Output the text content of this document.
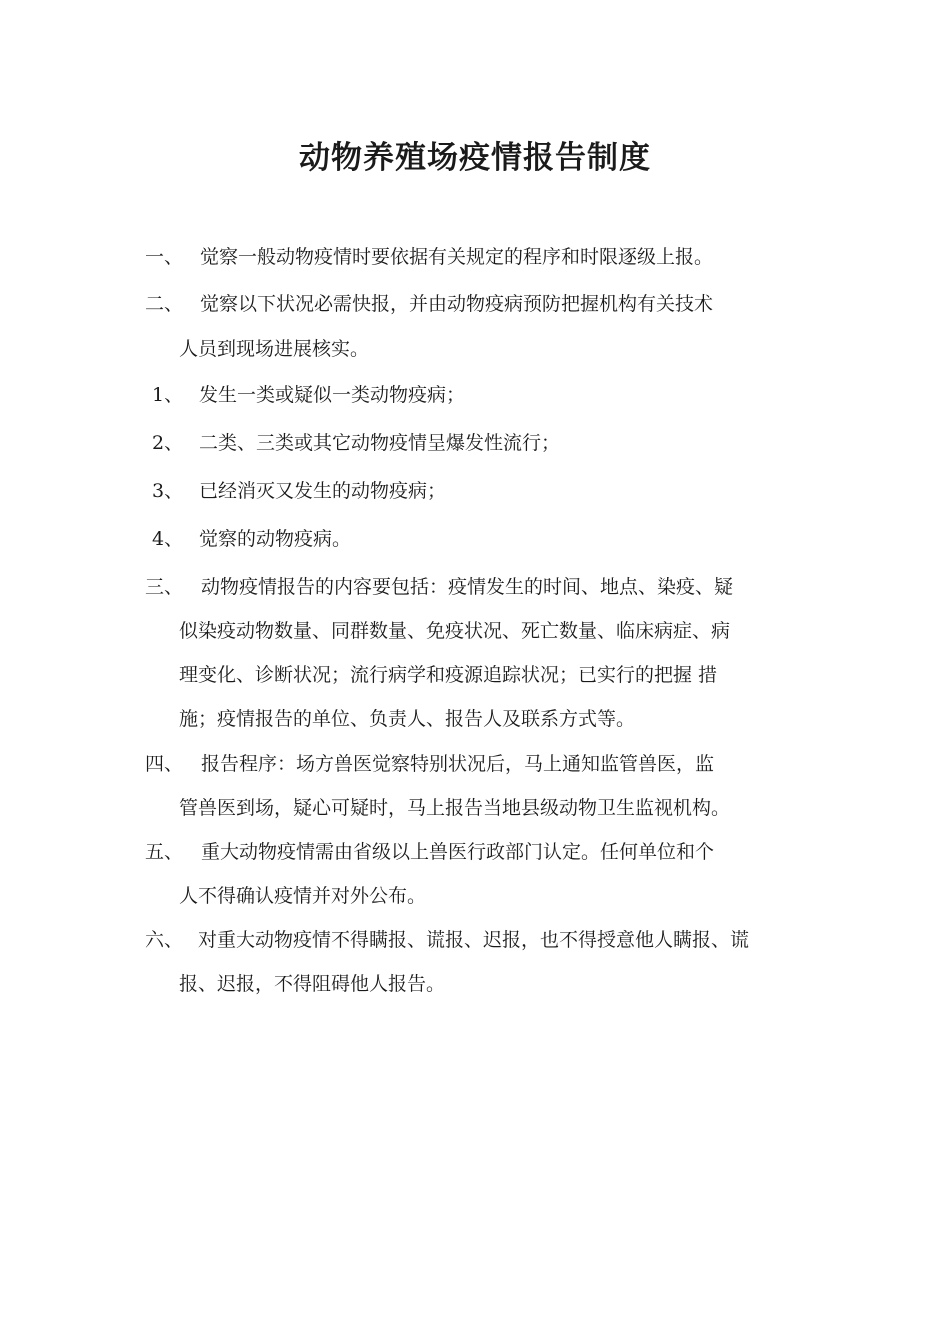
动物养殖场疫情报告制度
一、 觉察一般动物疫情时要依据有关规定的程序和时限逐级上报。
二、 觉察以下状况必需快报，并由动物疫病预防把握机构有关技术
人员到现场进展核实。
1、 发生一类或疑似一类动物疫病；
2、 二类、三类或其它动物疫情呈爆发性流行；
3、 已经消灭又发生的动物疫病；
4、 觉察的动物疫病。
三、 动物疫情报告的内容要包括：疫情发生的时间、地点、染疫、疑
似染疫动物数量、同群数量、免疫状况、死亡数量、临床病症、病
理变化、诊断状况；流行病学和疫源追踪状况；已实行的把握 措
施；疫情报告的单位、负责人、报告人及联系方式等。
四、 报告程序：场方兽医觉察特别状况后，马上通知监管兽医，监
管兽医到场，疑心可疑时，马上报告当地县级动物卫生监视机构。
五、 重大动物疫情需由省级以上兽医行政部门认定。任何单位和个
人不得确认疫情并对外公布。
六、 对重大动物疫情不得瞒报、谎报、迟报，也不得授意他人瞒报、谎
报、迟报，不得阻碍他人报告。
